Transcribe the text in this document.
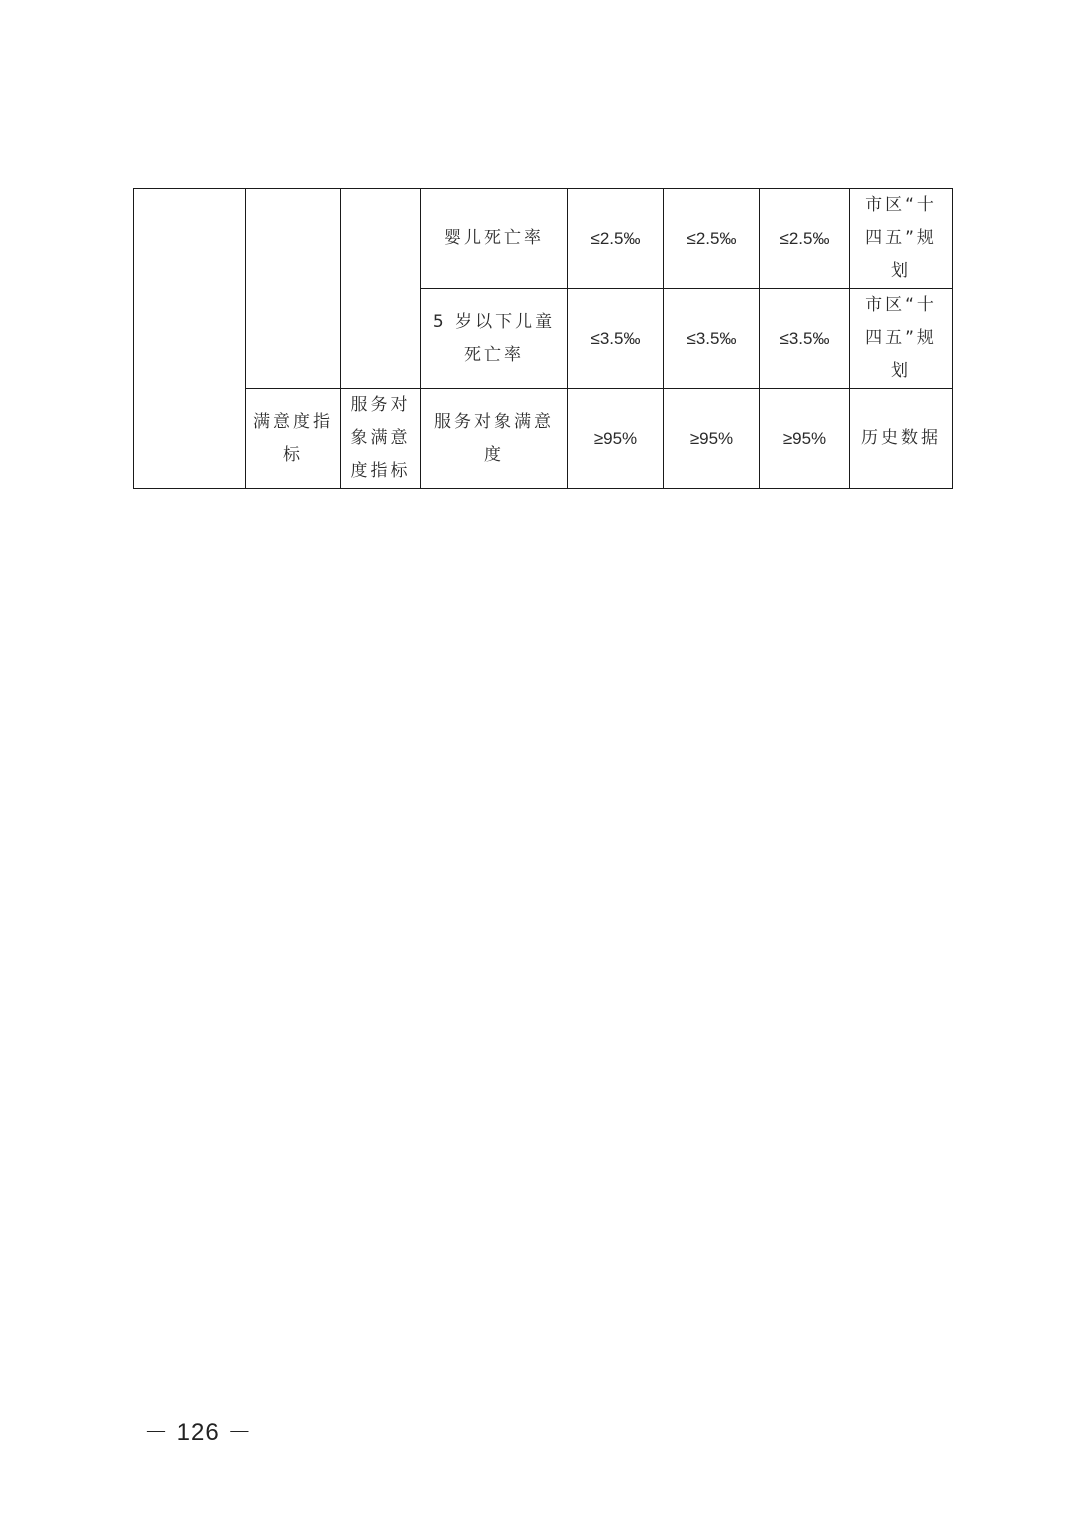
			婴儿死亡率	≤2.5‰	≤2.5‰	≤2.5‰	市区“十四五”规划
			5 岁以下儿童死亡率	≤3.5‰	≤3.5‰	≤3.5‰	市区“十四五”规划
	满意度指标	服务对象满意度指标	服务对象满意度	≥95%	≥95%	≥95%	历史数据
－ 126 －
